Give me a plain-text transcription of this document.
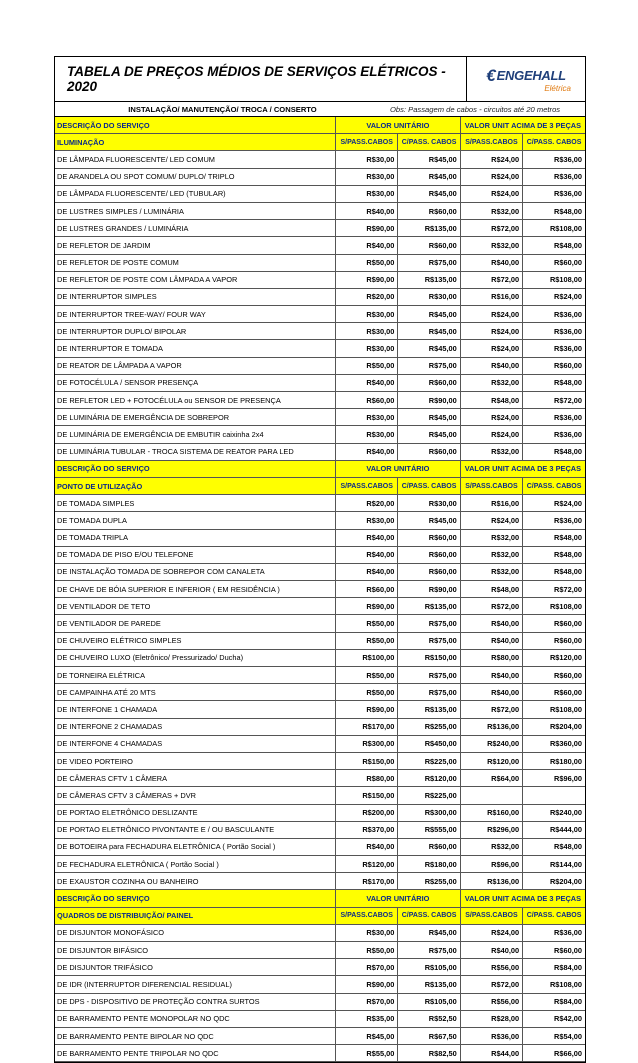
TABELA DE PREÇOS MÉDIOS DE SERVIÇOS ELÉTRICOS - 2020
€ ENGEHALL
Elétrica
INSTALAÇÃO/ MANUTENÇÃO/ TROCA / CONSERTO	Obs: Passagem de cabos - circuitos até 20 metros
DESCRIÇÃO DO SERVIÇO	VALOR UNITÁRIO		VALOR UNIT ACIMA DE 3 PEÇAS	
ILUMINAÇÃO	S/PASS.CABOS	C/PASS. CABOS	S/PASS.CABOS	C/PASS. CABOS
DE LÂMPADA FLUORESCENTE/ LED COMUM	R$30,00	R$45,00	R$24,00	R$36,00
DE ARANDELA OU SPOT COMUM/ DUPLO/ TRIPLO	R$30,00	R$45,00	R$24,00	R$36,00
DE LÂMPADA FLUORESCENTE/ LED (TUBULAR)	R$30,00	R$45,00	R$24,00	R$36,00
DE LUSTRES SIMPLES / LUMINÁRIA	R$40,00	R$60,00	R$32,00	R$48,00
DE LUSTRES GRANDES / LUMINÁRIA	R$90,00	R$135,00	R$72,00	R$108,00
DE REFLETOR DE JARDIM	R$40,00	R$60,00	R$32,00	R$48,00
DE REFLETOR DE POSTE COMUM	R$50,00	R$75,00	R$40,00	R$60,00
DE REFLETOR DE POSTE COM LÂMPADA A VAPOR	R$90,00	R$135,00	R$72,00	R$108,00
DE INTERRUPTOR SIMPLES	R$20,00	R$30,00	R$16,00	R$24,00
DE INTERRUPTOR TREE-WAY/ FOUR WAY	R$30,00	R$45,00	R$24,00	R$36,00
DE INTERRUPTOR DUPLO/ BIPOLAR	R$30,00	R$45,00	R$24,00	R$36,00
DE INTERRUPTOR E TOMADA	R$30,00	R$45,00	R$24,00	R$36,00
DE REATOR DE LÂMPADA A VAPOR	R$50,00	R$75,00	R$40,00	R$60,00
DE FOTOCÉLULA / SENSOR PRESENÇA	R$40,00	R$60,00	R$32,00	R$48,00
DE REFLETOR LED + FOTOCÉLULA ou SENSOR DE PRESENÇA	R$60,00	R$90,00	R$48,00	R$72,00
DE LUMINÁRIA DE EMERGÊNCIA DE SOBREPOR	R$30,00	R$45,00	R$24,00	R$36,00
DE LUMINÁRIA DE EMERGÊNCIA DE EMBUTIR caixinha 2x4	R$30,00	R$45,00	R$24,00	R$36,00
DE LUMINÁRIA TUBULAR - TROCA SISTEMA DE REATOR PARA LED	R$40,00	R$60,00	R$32,00	R$48,00
DESCRIÇÃO DO SERVIÇO	VALOR UNITÁRIO		VALOR UNIT ACIMA DE 3 PEÇAS	
PONTO DE UTILIZAÇÃO	S/PASS.CABOS	C/PASS. CABOS	S/PASS.CABOS	C/PASS. CABOS
DE TOMADA SIMPLES	R$20,00	R$30,00	R$16,00	R$24,00
DE TOMADA DUPLA	R$30,00	R$45,00	R$24,00	R$36,00
DE TOMADA TRIPLA	R$40,00	R$60,00	R$32,00	R$48,00
DE TOMADA DE PISO E/OU TELEFONE	R$40,00	R$60,00	R$32,00	R$48,00
DE INSTALAÇÃO TOMADA DE SOBREPOR COM CANALETA	R$40,00	R$60,00	R$32,00	R$48,00
DE CHAVE DE BÓIA SUPERIOR E INFERIOR ( EM RESIDÊNCIA )	R$60,00	R$90,00	R$48,00	R$72,00
DE VENTILADOR DE TETO	R$90,00	R$135,00	R$72,00	R$108,00
DE VENTILADOR DE PAREDE	R$50,00	R$75,00	R$40,00	R$60,00
DE CHUVEIRO ELÉTRICO SIMPLES	R$50,00	R$75,00	R$40,00	R$60,00
DE CHUVEIRO LUXO (Eletrônico/ Pressurizado/ Ducha)	R$100,00	R$150,00	R$80,00	R$120,00
DE TORNEIRA ELÉTRICA	R$50,00	R$75,00	R$40,00	R$60,00
DE CAMPAINHA ATÉ 20 MTS	R$50,00	R$75,00	R$40,00	R$60,00
DE INTERFONE 1 CHAMADA	R$90,00	R$135,00	R$72,00	R$108,00
DE INTERFONE 2 CHAMADAS	R$170,00	R$255,00	R$136,00	R$204,00
DE INTERFONE 4 CHAMADAS	R$300,00	R$450,00	R$240,00	R$360,00
DE VIDEO PORTEIRO	R$150,00	R$225,00	R$120,00	R$180,00
DE CÂMERAS CFTV 1 CÂMERA	R$80,00	R$120,00	R$64,00	R$96,00
DE CÂMERAS CFTV 3 CÂMERAS + DVR	R$150,00	R$225,00		
DE PORTAO ELETRÔNICO DESLIZANTE	R$200,00	R$300,00	R$160,00	R$240,00
DE PORTAO ELETRÔNICO PIVONTANTE E / OU BASCULANTE	R$370,00	R$555,00	R$296,00	R$444,00
DE BOTOEIRA para FECHADURA ELETRÔNICA ( Portão Social )	R$40,00	R$60,00	R$32,00	R$48,00
DE FECHADURA ELETRÔNICA ( Portão Social )	R$120,00	R$180,00	R$96,00	R$144,00
DE EXAUSTOR COZINHA OU BANHEIRO	R$170,00	R$255,00	R$136,00	R$204,00
DESCRIÇÃO DO SERVIÇO	VALOR UNITÁRIO		VALOR UNIT ACIMA DE 3 PEÇAS	
QUADROS DE DISTRIBUIÇÃO/ PAINEL	S/PASS.CABOS	C/PASS. CABOS	S/PASS.CABOS	C/PASS. CABOS
DE DISJUNTOR MONOFÁSICO	R$30,00	R$45,00	R$24,00	R$36,00
DE DISJUNTOR BIFÁSICO	R$50,00	R$75,00	R$40,00	R$60,00
DE DISJUNTOR TRIFÁSICO	R$70,00	R$105,00	R$56,00	R$84,00
DE IDR (INTERRUPTOR DIFERENCIAL RESIDUAL)	R$90,00	R$135,00	R$72,00	R$108,00
DE DPS - DISPOSITIVO DE PROTEÇÃO CONTRA SURTOS	R$70,00	R$105,00	R$56,00	R$84,00
DE BARRAMENTO PENTE MONOPOLAR NO QDC	R$35,00	R$52,50	R$28,00	R$42,00
DE BARRAMENTO PENTE BIPOLAR NO QDC	R$45,00	R$67,50	R$36,00	R$54,00
DE BARRAMENTO PENTE TRIPOLAR NO QDC	R$55,00	R$82,50	R$44,00	R$66,00
